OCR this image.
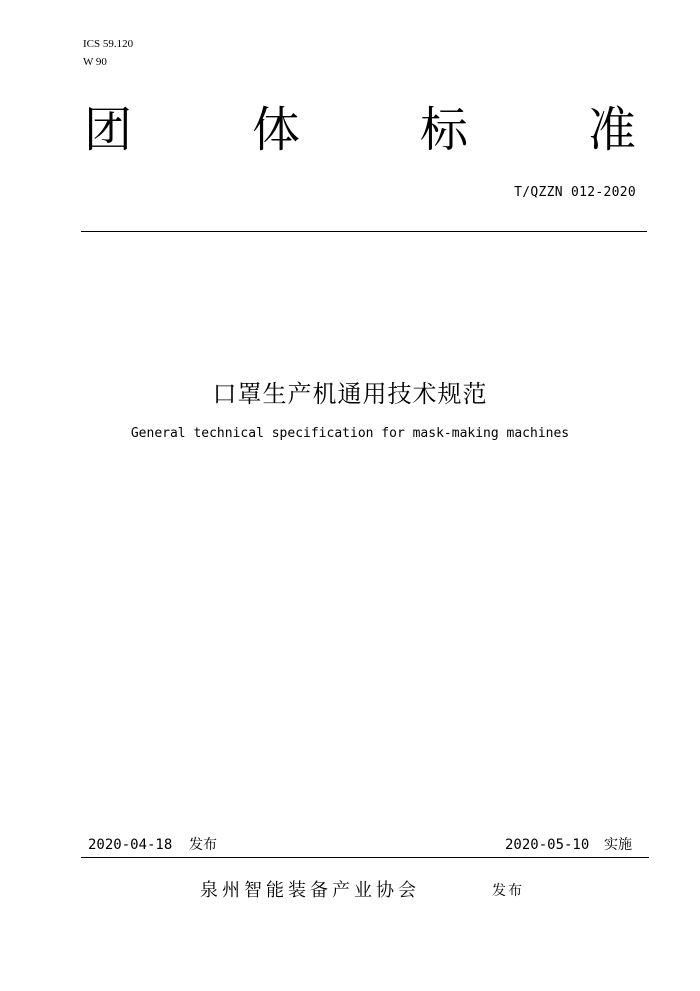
ICS 59.120
W 90
团 体 标 准
T/QZZN 012-2020
口罩生产机通用技术规范
General technical specification for mask-making machines
2020-04-18 发布	2020-05-10 实施
泉州智能装备产业协会	发布
